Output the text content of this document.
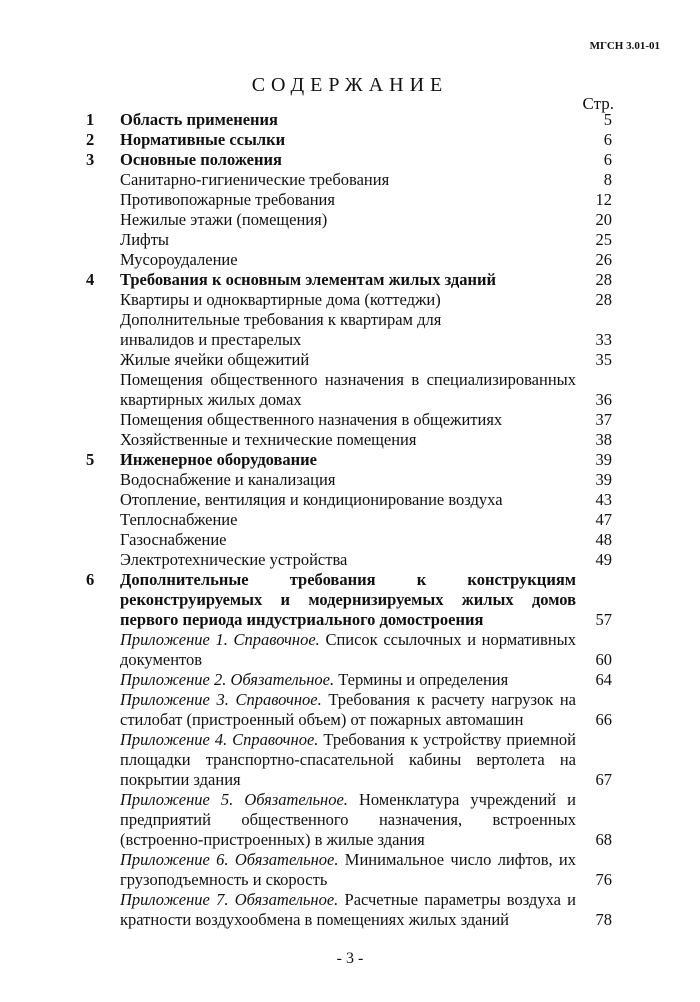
МГСН 3.01-01
СОДЕРЖАНИЕ
Стр.
1	Область применения	5
2	Нормативные ссылки	6
3	Основные положения	6
Санитарно-гигиенические требования	8
Противопожарные требования	12
Нежилые этажи (помещения)	20
Лифты	25
Мусороудаление	26
4	Требования к основным элементам жилых зданий	28
Квартиры и одноквартирные дома (коттеджи)	28
Дополнительные требования к квартирам для инвалидов и престарелых	33
Жилые ячейки общежитий	35
Помещения общественного назначения в специализированных квартирных жилых домах	36
Помещения общественного назначения в общежитиях	37
Хозяйственные и технические помещения	38
5	Инженерное оборудование	39
Водоснабжение и канализация	39
Отопление, вентиляция и кондиционирование воздуха	43
Теплоснабжение	47
Газоснабжение	48
Электротехнические устройства	49
6	Дополнительные требования к конструкциям реконструируемых и модернизируемых жилых домов первого периода индустриального домостроения	57
Приложение 1. Справочное. Список ссылочных и нормативных документов	60
Приложение 2. Обязательное. Термины и определения	64
Приложение 3. Справочное. Требования к расчету нагрузок на стилобат (пристроенный объем) от пожарных автомашин	66
Приложение 4. Справочное. Требования к устройству приемной площадки транспортно-спасательной кабины вертолета на покрытии здания	67
Приложение 5. Обязательное. Номенклатура учреждений и предприятий общественного назначения, встроенных (встроенно-пристроенных) в жилые здания	68
Приложение 6. Обязательное. Минимальное число лифтов, их грузоподъемность и скорость	76
Приложение 7. Обязательное. Расчетные параметры воздуха и кратности воздухообмена в помещениях жилых зданий	78
- 3 -
